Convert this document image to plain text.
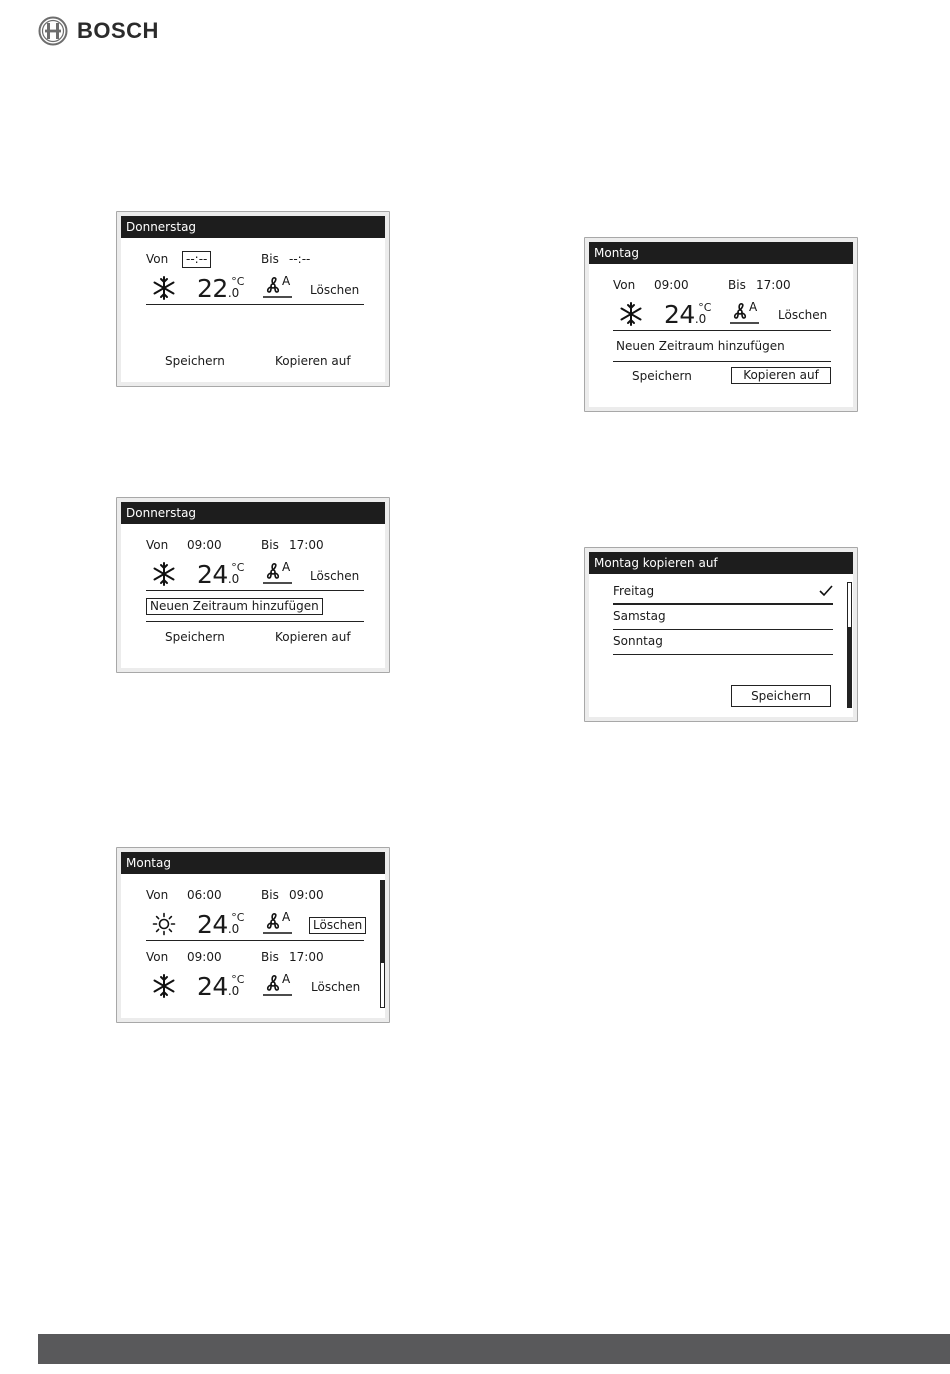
BOSCH
Donnerstag
Von	--:--	Bis --:--
$22.0^{^\circ C}$	A
Löschen
Speichern	Kopieren auf
Donnerstag
Von 09:00	Bis 17:00
$24.0^{^\circ C}$	A
Löschen
Neuen Zeitraum hinzufügen
Speichern	Kopieren auf
Montag
Von 06:00	Bis 09:00
$24.0^{^\circ C}$	A
Löschen
Von 09:00	Bis 17:00
$24.0^{^\circ C}$	A
Löschen
Montag
Von 09:00	Bis 17:00
$24.0^{^\circ C}$	A
Löschen
Neuen Zeitraum hinzufügen
Speichern	Kopieren auf
Montag kopieren auf
Freitag
Samstag
Sonntag
Speichern
